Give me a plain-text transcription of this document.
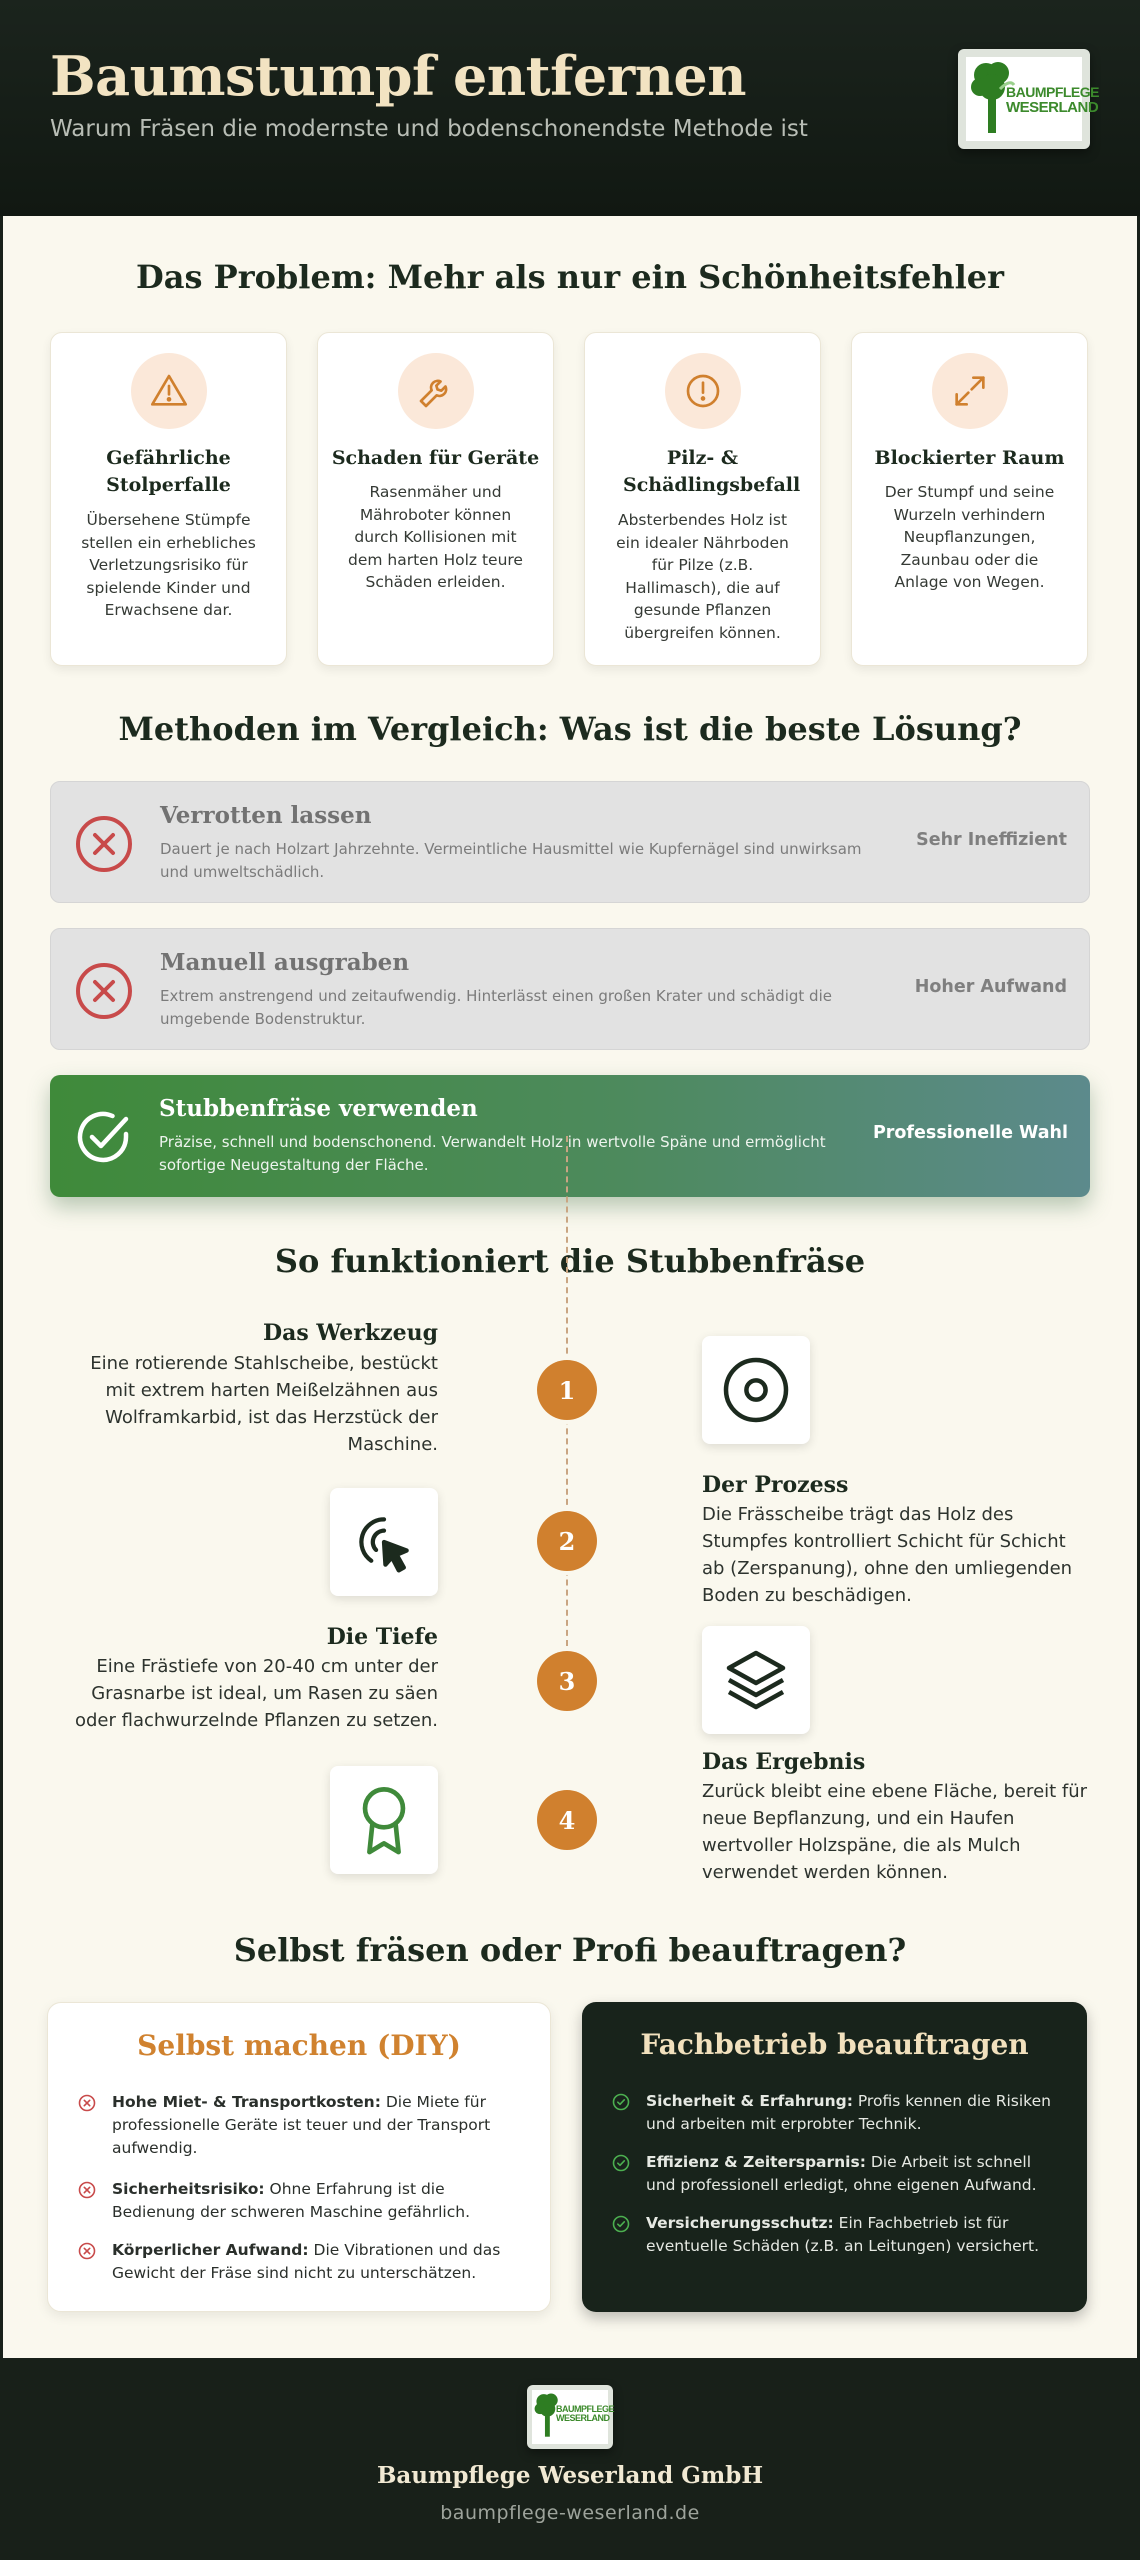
Baumstumpf entfernen
Warum Fräsen die modernste und bodenschonendste Methode ist
BAUMPFLEGE
WESERLAND
Das Problem: Mehr als nur ein Schönheitsfehler
Gefährliche Stolperfalle
Übersehene Stümpfe stellen ein erhebliches Verletzungsrisiko für spielende Kinder und Erwachsene dar.
Schaden für Geräte
Rasenmäher und Mähroboter können durch Kollisionen mit dem harten Holz teure Schäden erleiden.
Pilz- & Schädlingsbefall
Absterbendes Holz ist ein idealer Nährboden für Pilze (z.B. Hallimasch), die auf gesunde Pflanzen übergreifen können.
Blockierter Raum
Der Stumpf und seine Wurzeln verhindern Neupflanzungen, Zaunbau oder die Anlage von Wegen.
Methoden im Vergleich: Was ist die beste Lösung?
Verrotten lassen
Dauert je nach Holzart Jahrzehnte. Vermeintliche Hausmittel wie Kupfernägel sind unwirksam und umweltschädlich.
Sehr Ineffizient
Manuell ausgraben
Extrem anstrengend und zeitaufwendig. Hinterlässt einen großen Krater und schädigt die umgebende Bodenstruktur.
Hoher Aufwand
Stubbenfräse verwenden
Präzise, schnell und bodenschonend. Verwandelt Holz in wertvolle Späne und ermöglicht sofortige Neugestaltung der Fläche.
Professionelle Wahl
So funktioniert die Stubbenfräse
1
2
3
4
Das Werkzeug
Eine rotierende Stahlscheibe, bestückt mit extrem harten Meißelzähnen aus Wolframkarbid, ist das Herzstück der Maschine.
Der Prozess
Die Frässcheibe trägt das Holz des Stumpfes kontrolliert Schicht für Schicht ab (Zerspanung), ohne den umliegenden Boden zu beschädigen.
Die Tiefe
Eine Frästiefe von 20-40 cm unter der Grasnarbe ist ideal, um Rasen zu säen oder flachwurzelnde Pflanzen zu setzen.
Das Ergebnis
Zurück bleibt eine ebene Fläche, bereit für neue Bepflanzung, und ein Haufen wertvoller Holzspäne, die als Mulch verwendet werden können.
Selbst fräsen oder Profi beauftragen?
Selbst machen (DIY)
Hohe Miet- & Transportkosten: Die Miete für professionelle Geräte ist teuer und der Transport aufwendig.
Sicherheitsrisiko: Ohne Erfahrung ist die Bedienung der schweren Maschine gefährlich.
Körperlicher Aufwand: Die Vibrationen und das Gewicht der Fräse sind nicht zu unterschätzen.
Fachbetrieb beauftragen
Sicherheit & Erfahrung: Profis kennen die Risiken und arbeiten mit erprobter Technik.
Effizienz & Zeitersparnis: Die Arbeit ist schnell und professionell erledigt, ohne eigenen Aufwand.
Versicherungsschutz: Ein Fachbetrieb ist für eventuelle Schäden (z.B. an Leitungen) versichert.
BAUMPFLEGE
WESERLAND
Baumpflege Weserland GmbH
baumpflege-weserland.de
